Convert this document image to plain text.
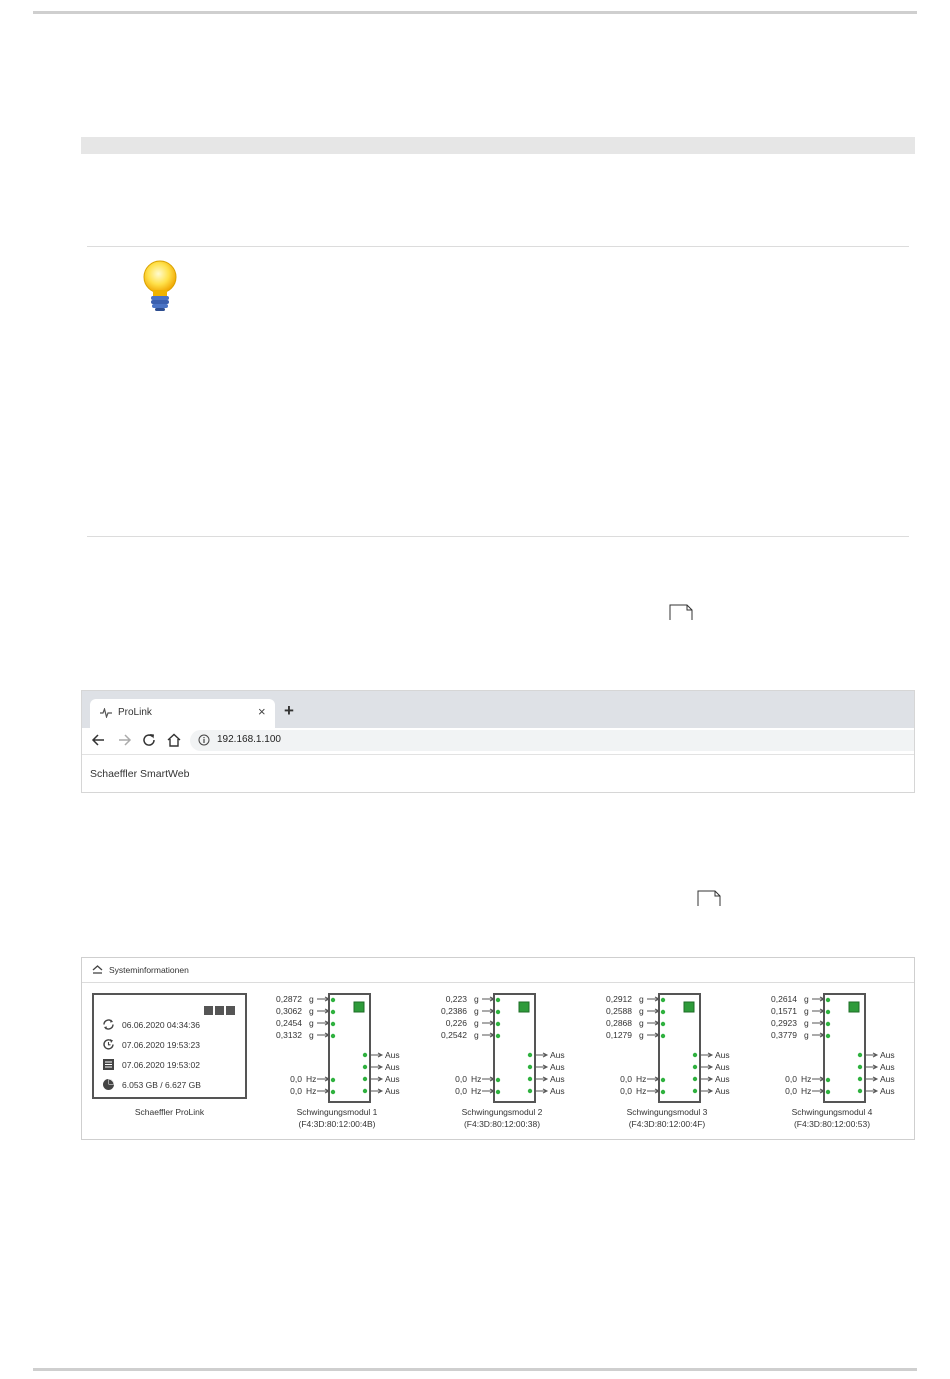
ProLink	× +
192.168.1.100
Schaeffler SmartWeb
Systeminformationen
06.06.2020 04:34:36
07.06.2020 19:53:23
07.06.2020 19:53:02
6.053 GB / 6.627 GB
Schaeffler ProLink
0,2872 g
0,3062 g
0,2454 g
0,3132 g
0,0 Hz
0,0 Hz
Aus
Aus
Aus
Aus
Schwingungsmodul 1
(F4:3D:80:12:00:4B)
0,223 g
0,2386 g
0,226 g
0,2542 g
0,0 Hz
0,0 Hz
Aus
Aus
Aus
Aus
Schwingungsmodul 2
(F4:3D:80:12:00:38)
0,2912 g
0,2588 g
0,2868 g
0,1279 g
0,0 Hz
0,0 Hz
Aus
Aus
Aus
Aus
Schwingungsmodul 3
(F4:3D:80:12:00:4F)
0,2614 g
0,1571 g
0,2923 g
0,3779 g
0,0 Hz
0,0 Hz
Aus
Aus
Aus
Aus
Schwingungsmodul 4
(F4:3D:80:12:00:53)
